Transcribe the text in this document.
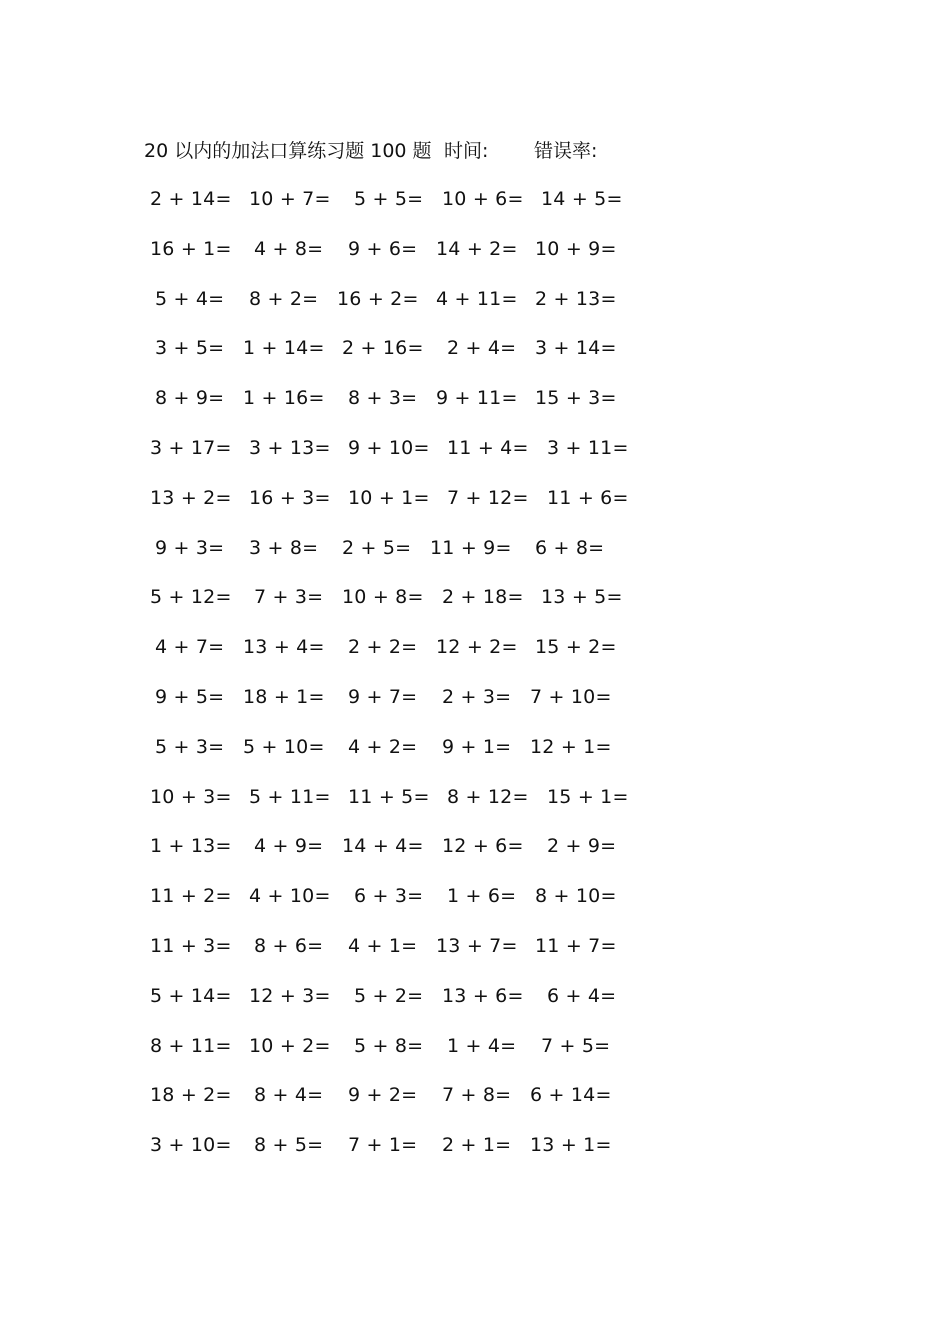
20 以内的加法口算练习题 100 题 时间: 错误率:
2 + 14= 10 + 7= 5 + 5= 10 + 6= 14 + 5=
16 + 1= 4 + 8= 9 + 6= 14 + 2= 10 + 9=
5 + 4= 8 + 2= 16 + 2= 4 + 11= 2 + 13=
3 + 5= 1 + 14= 2 + 16= 2 + 4= 3 + 14=
8 + 9= 1 + 16= 8 + 3= 9 + 11= 15 + 3=
3 + 17= 3 + 13= 9 + 10= 11 + 4= 3 + 11=
13 + 2= 16 + 3= 10 + 1= 7 + 12= 11 + 6=
9 + 3= 3 + 8= 2 + 5= 11 + 9= 6 + 8=
5 + 12= 7 + 3= 10 + 8= 2 + 18= 13 + 5=
4 + 7= 13 + 4= 2 + 2= 12 + 2= 15 + 2=
9 + 5= 18 + 1= 9 + 7= 2 + 3= 7 + 10=
5 + 3= 5 + 10= 4 + 2= 9 + 1= 12 + 1=
10 + 3= 5 + 11= 11 + 5= 8 + 12= 15 + 1=
1 + 13= 4 + 9= 14 + 4= 12 + 6= 2 + 9=
11 + 2= 4 + 10= 6 + 3= 1 + 6= 8 + 10=
11 + 3= 8 + 6= 4 + 1= 13 + 7= 11 + 7=
5 + 14= 12 + 3= 5 + 2= 13 + 6= 6 + 4=
8 + 11= 10 + 2= 5 + 8= 1 + 4= 7 + 5=
18 + 2= 8 + 4= 9 + 2= 7 + 8= 6 + 14=
3 + 10= 8 + 5= 7 + 1= 2 + 1= 13 + 1=
